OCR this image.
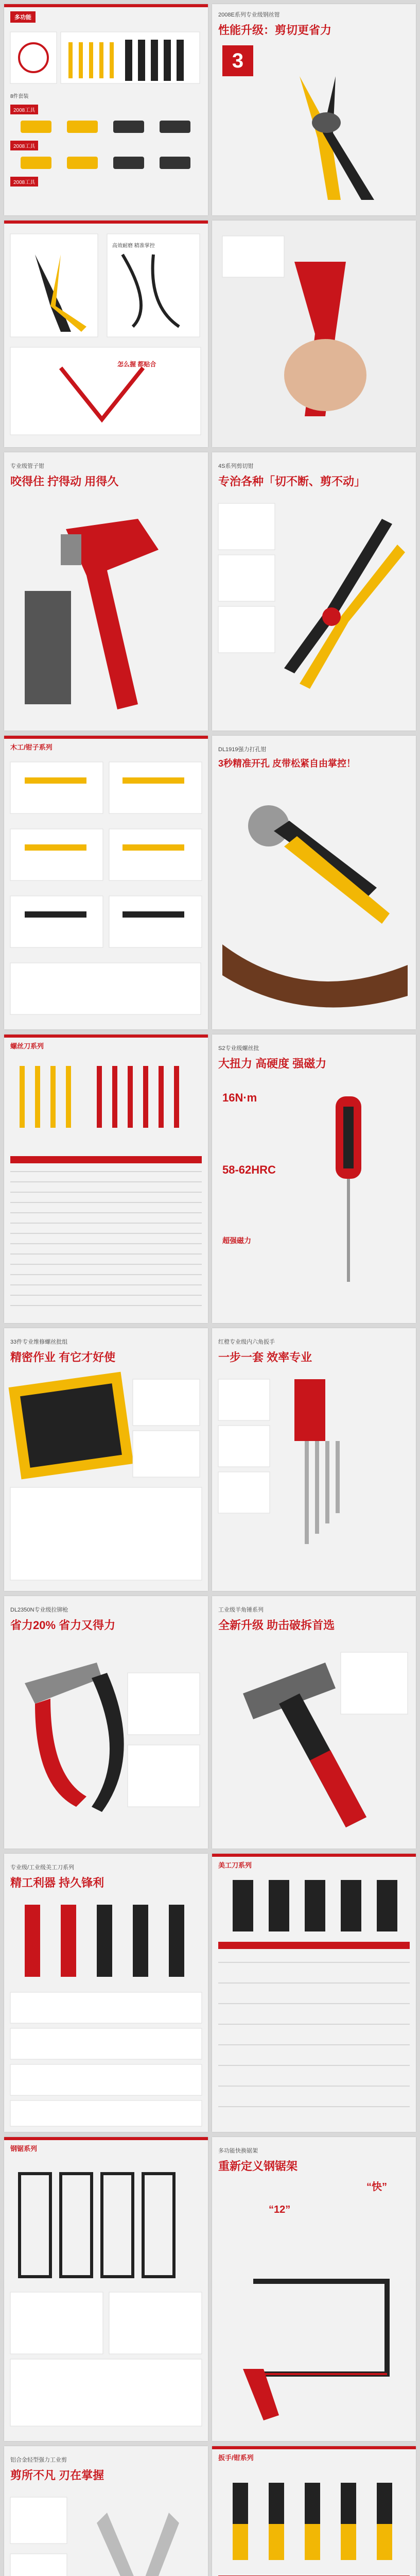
多功能
8件套装
2008工具  2008工具  2008工具
2008E系列专业级钢丝钳
性能升级：剪切更省力
3
高效耐磨 精准掌控
怎么握 都贴合
专业级管子钳
咬得住 拧得动 用得久
4S系列剪切钳
专治各种「切不断、剪不动」
木工/钳子系列	DL1919强力打孔钳
3秒精准开孔 皮带松紧自由掌控！
螺丝刀系列
	S2专业级螺丝批
大扭力 高硬度 强磁力
16N·m
58-62HRC
超强磁力
33件专业维修螺丝批组
精密作业 有它才好使
红橙专业级内六角扳手
一步一套 效率专业
DL2350N专业级拉铆枪
省力20% 省力又得力
工业级羊角锤系列
全新升级 助击破拆首选
专业级/工业级美工刀系列
精工利器 持久锋利
美工刀系列
钢锯系列	多功能快换锯架
重新定义钢锯架
“12”
“快”
铝合金轻型强力工业剪
剪所不凡 刃在掌握
扳手/钳系列
